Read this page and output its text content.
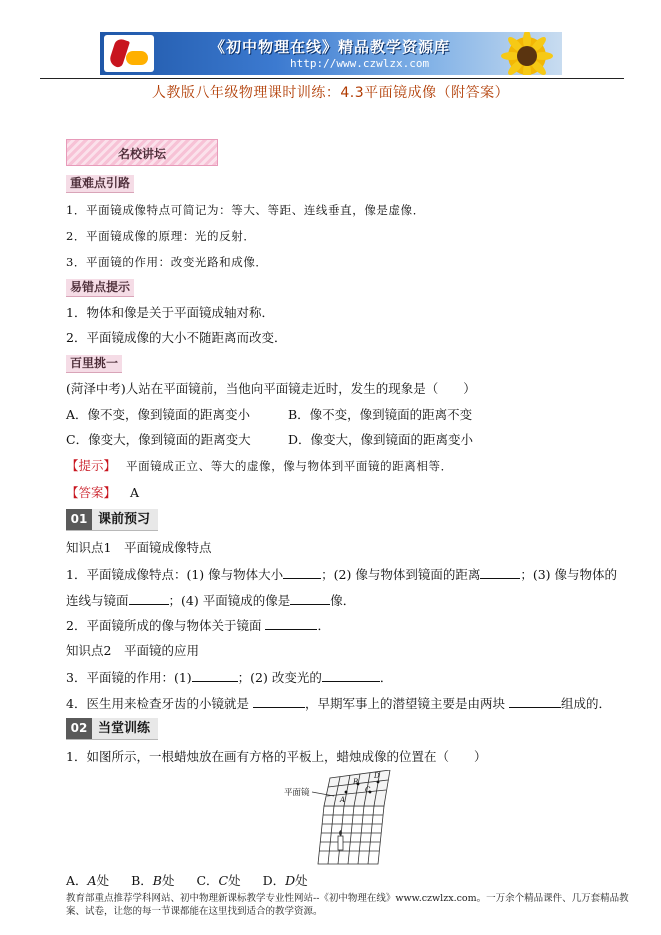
《初中物理在线》精品教学资源库
http://www.czwlzx.com
人教版八年级物理课时训练：4.3平面镜成像（附答案）
名校讲坛
重难点引路
1．平面镜成像特点可简记为：等大、等距、连线垂直，像是虚像．
2．平面镜成像的原理：光的反射．
3．平面镜的作用：改变光路和成像．
易错点提示
1．物体和像是关于平面镜成轴对称．
2．平面镜成像的大小不随距离而改变．
百里挑一
(菏泽中考)人站在平面镜前，当他向平面镜走近时，发生的现象是（　　）
A．像不变，像到镜面的距离变小	B．像不变，像到镜面的距离不变
C．像变大，像到镜面的距离变大	D．像变大，像到镜面的距离变小
【提示】 平面镜成正立、等大的虚像，像与物体到平面镜的距离相等．
【答案】 A
01 课前预习
知识点1　平面镜成像特点
1．平面镜成像特点：(1) 像与物体大小	；(2) 像与物体到镜面的距离	；(3) 像与物体的
连线与镜面	；(4) 平面镜成的像是	像．
2．平面镜所成的像与物体关于镜面	．
知识点2　平面镜的应用
3．平面镜的作用：(1)	；(2) 改变光的	．
4．医生用来检查牙齿的小镜就是	，早期军事上的潜望镜主要是由两块	组成的．
02 当堂训练
1．如图所示，一根蜡烛放在画有方格的平板上，蜡烛成像的位置在（　　）
平面镜
A
B
C
D
A．A处 B．B处 C．C处 D．D处
教育部重点推荐学科网站、初中物理新课标教学专业性网站--《初中物理在线》www.czwlzx.com。一万余个精品课件、几万套精品教案、试卷，让您的每一节课都能在这里找到适合的教学资源。
